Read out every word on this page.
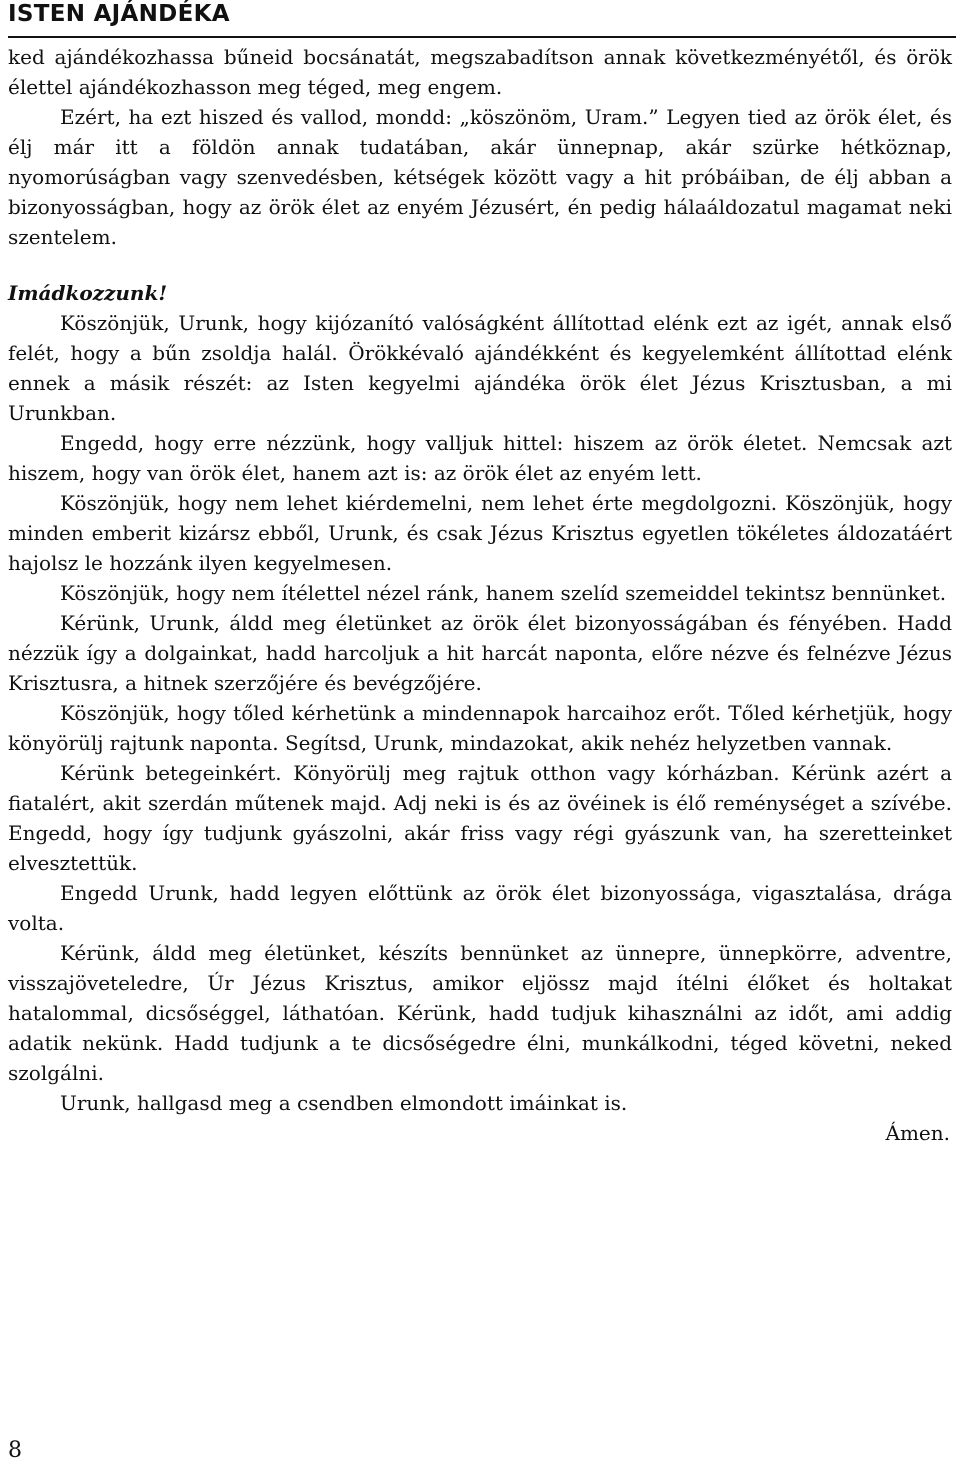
ISTEN AJÁNDÉKA

ked ajándékozhassa bűneid bocsánatát, megszabadítson annak következményétől, és örök élettel ajándékozhasson meg téged, meg engem.

Ezért, ha ezt hiszed és vallod, mondd: „köszönöm, Uram.” Legyen tied az örök élet, és élj már itt a földön annak tudatában, akár ünnepnap, akár szürke hétköznap, nyomorúságban vagy szenvedésben, kétségek között vagy a hit próbáiban, de élj abban a bizonyosságban, hogy az örök élet az enyém Jézusért, én pedig hálaáldozatul magamat neki szentelem.

Imádkozzunk!

Köszönjük, Urunk, hogy kijózanító valóságként állítottad elénk ezt az igét, annak első felét, hogy a bűn zsoldja halál. Örökkévaló ajándékként és kegyelemként állítottad elénk ennek a másik részét: az Isten kegyelmi ajándéka örök élet Jézus Krisztusban, a mi Urunkban.

Engedd, hogy erre nézzünk, hogy valljuk hittel: hiszem az örök életet. Nemcsak azt hiszem, hogy van örök élet, hanem azt is: az örök élet az enyém lett.

Köszönjük, hogy nem lehet kiérdemelni, nem lehet érte megdolgozni. Köszönjük, hogy minden emberit kizársz ebből, Urunk, és csak Jézus Krisztus egyetlen tökéletes áldozatáért hajolsz le hozzánk ilyen kegyelmesen.

Köszönjük, hogy nem ítélettel nézel ránk, hanem szelíd szemeiddel tekintsz bennünket.

Kérünk, Urunk, áldd meg életünket az örök élet bizonyosságában és fényében. Hadd nézzük így a dolgainkat, hadd harcoljuk a hit harcát naponta, előre nézve és felnézve Jézus Krisztusra, a hitnek szerzőjére és bevégzőjére.

Köszönjük, hogy tőled kérhetünk a mindennapok harcaihoz erőt. Tőled kérhetjük, hogy könyörülj rajtunk naponta. Segítsd, Urunk, mindazokat, akik nehéz helyzetben vannak.

Kérünk betegeinkért. Könyörülj meg rajtuk otthon vagy kórházban. Kérünk azért a fiatalért, akit szerdán műtenek majd. Adj neki is és az övéinek is élő reménységet a szívébe. Engedd, hogy így tudjunk gyászolni, akár friss vagy régi gyászunk van, ha szeretteinket elvesztettük.

Engedd Urunk, hadd legyen előttünk az örök élet bizonyossága, vigasztalása, drága volta.

Kérünk, áldd meg életünket, készíts bennünket az ünnepre, ünnepkörre, adventre, visszajöveteledre, Úr Jézus Krisztus, amikor eljössz majd ítélni élőket és holtakat hatalommal, dicsőséggel, láthatóan. Kérünk, hadd tudjuk kihasználni az időt, ami addig adatik nekünk. Hadd tudjunk a te dicsőségedre élni, munkálkodni, téged követni, neked szolgálni.

Urunk, hallgasd meg a csendben elmondott imáinkat is.

Ámen.
8
